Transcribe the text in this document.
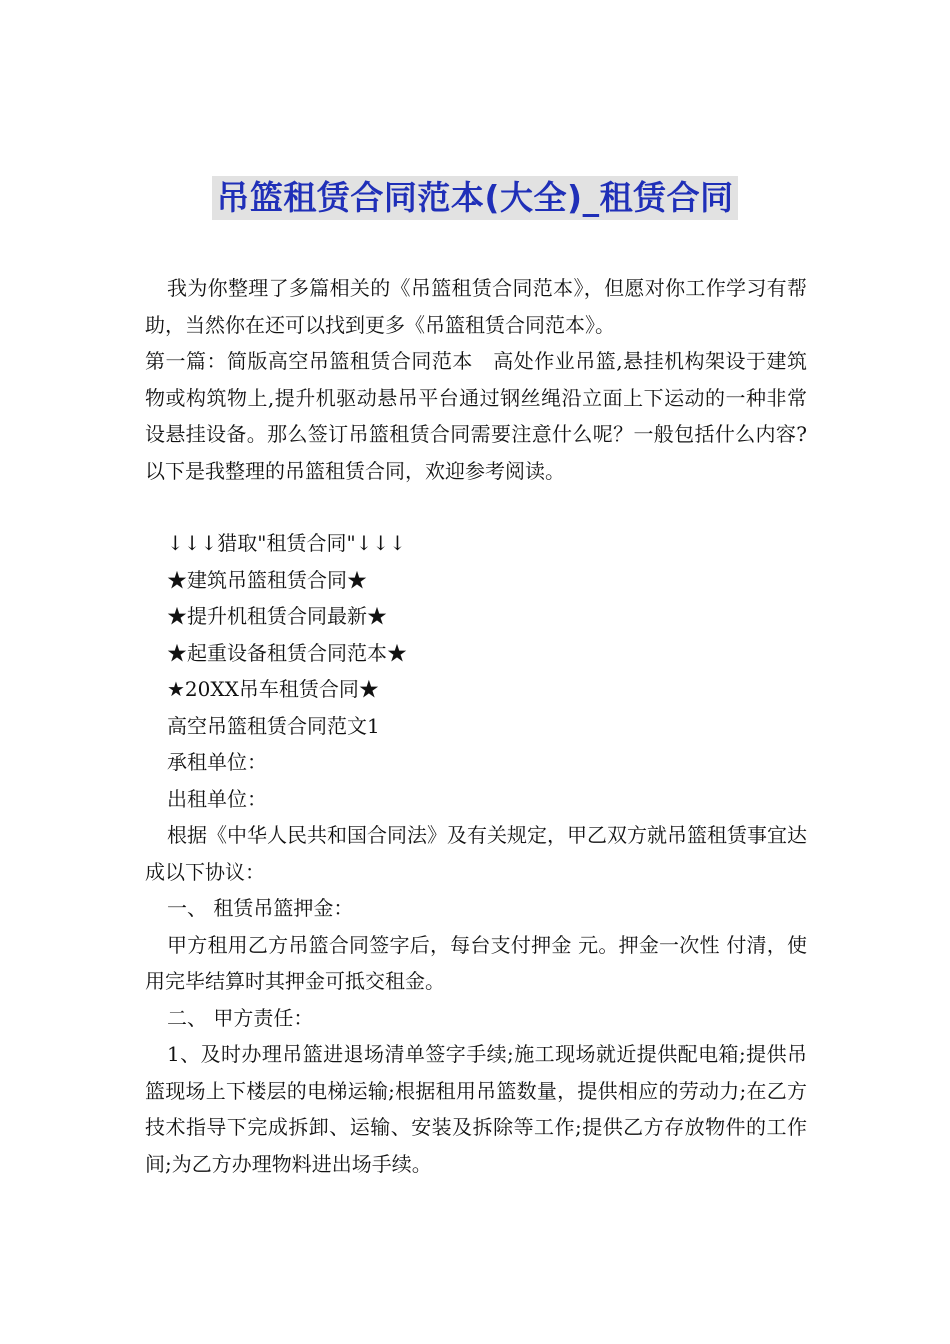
吊篮租赁合同范本(大全)_租赁合同

我为你整理了多篇相关的《吊篮租赁合同范本》，但愿对你工作学习有帮助，当然你在还可以找到更多《吊篮租赁合同范本》。

第一篇：简版高空吊篮租赁合同范本　高处作业吊篮,悬挂机构架设于建筑物或构筑物上,提升机驱动悬吊平台通过钢丝绳沿立面上下运动的一种非常设悬挂设备。那么签订吊篮租赁合同需要注意什么呢？一般包括什么内容?以下是我整理的吊篮租赁合同，欢迎参考阅读。

↓↓↓猎取"租赁合同"↓↓↓

★建筑吊篮租赁合同★

★提升机租赁合同最新★

★起重设备租赁合同范本★

★20XX吊车租赁合同★

高空吊篮租赁合同范文1

承租单位：

出租单位：

根据《中华人民共和国合同法》及有关规定，甲乙双方就吊篮租赁事宜达成以下协议：

一、 租赁吊篮押金：

甲方租用乙方吊篮合同签字后，每台支付押金 元。押金一次性 付清，使用完毕结算时其押金可抵交租金。

二、 甲方责任：

1、及时办理吊篮进退场清单签字手续;施工现场就近提供配电箱;提供吊篮现场上下楼层的电梯运输;根据租用吊篮数量，提供相应的劳动力;在乙方技术指导下完成拆卸、运输、安装及拆除等工作;提供乙方存放物件的工作间;为乙方办理物料进出场手续。
